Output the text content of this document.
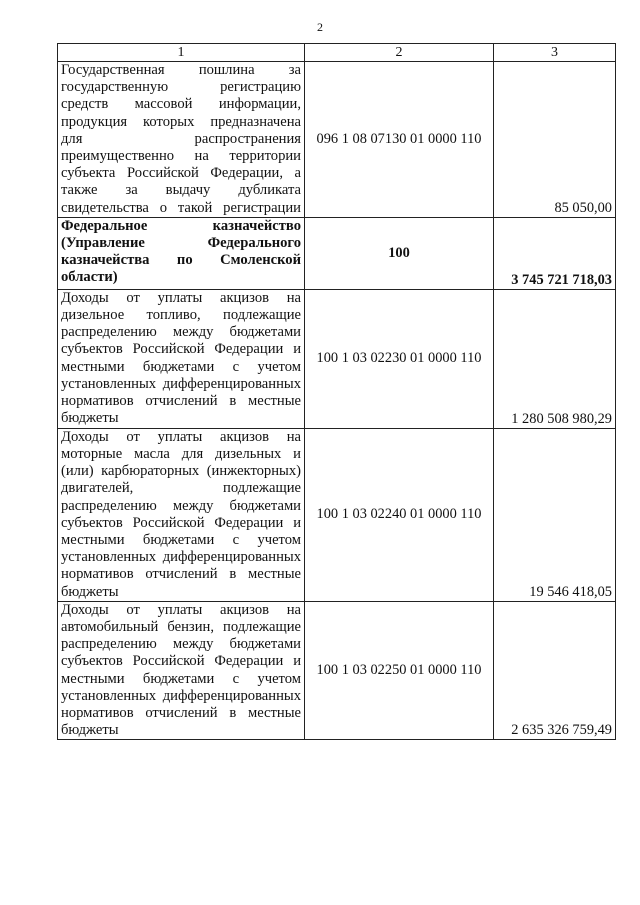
2
1	2	3
Государственная пошлина за государственную регистрацию средств массовой информации, продукция которых предназначена для распространения преимущественно на территории субъекта Российской Федерации, а также за выдачу дубликата свидетельства о такой регистрации	096 1 08 07130 01 0000 110	85 050,00
Федеральное казначейство (Управление Федерального казначейства по Смоленской области)	100	3 745 721 718,03
Доходы от уплаты акцизов на дизельное топливо, подлежащие распределению между бюджетами субъектов Российской Федерации и местными бюджетами с учетом установленных дифференцированных нормативов отчислений в местные бюджеты	100 1 03 02230 01 0000 110	1 280 508 980,29
Доходы от уплаты акцизов на моторные масла для дизельных и (или) карбюраторных (инжекторных) двигателей, подлежащие распределению между бюджетами субъектов Российской Федерации и местными бюджетами с учетом установленных дифференцированных нормативов отчислений в местные бюджеты	100 1 03 02240 01 0000 110	19 546 418,05
Доходы от уплаты акцизов на автомобильный бензин, подлежащие распределению между бюджетами субъектов Российской Федерации и местными бюджетами с учетом установленных дифференцированных нормативов отчислений в местные бюджеты	100 1 03 02250 01 0000 110	2 635 326 759,49
